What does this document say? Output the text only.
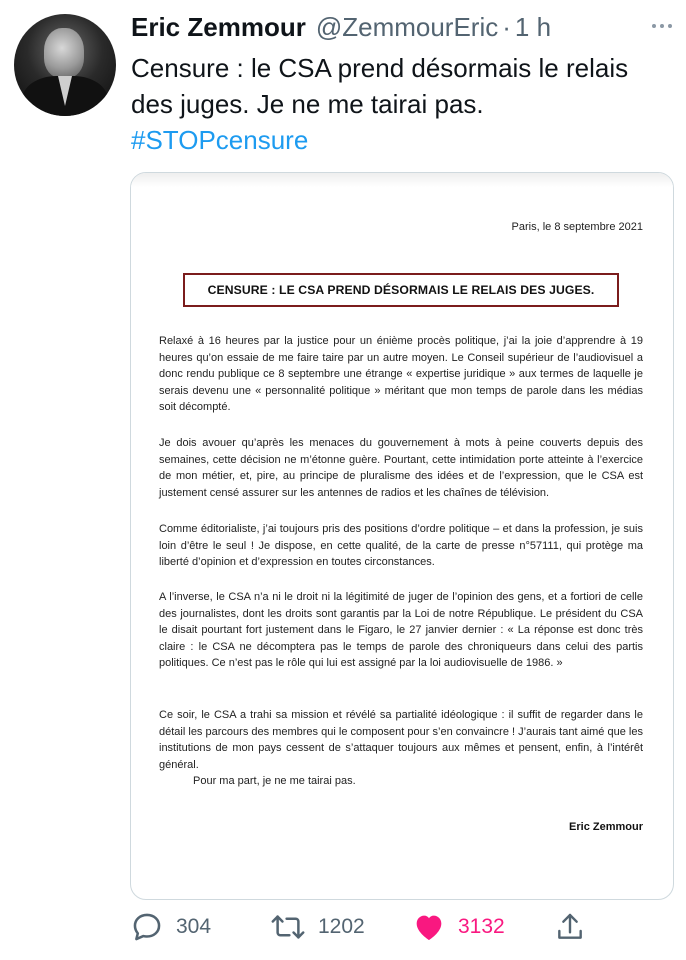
Eric Zemmour @ZemmourEric · 1 h
Censure : le CSA prend désormais le relais des juges. Je ne me tairai pas.
#STOPcensure
Paris, le 8 septembre 2021
CENSURE : LE CSA PREND DÉSORMAIS LE RELAIS DES JUGES.
Relaxé à 16 heures par la justice pour un énième procès politique, j’ai la joie d’apprendre à 19 heures qu’on essaie de me faire taire par un autre moyen. Le Conseil supérieur de l’audiovisuel a donc rendu publique ce 8 septembre une étrange « expertise juridique » aux termes de laquelle je serais devenu une « personnalité politique » méritant que mon temps de parole dans les médias soit décompté.
Je dois avouer qu’après les menaces du gouvernement à mots à peine couverts depuis des semaines, cette décision ne m’étonne guère. Pourtant, cette intimidation porte atteinte à l’exercice de mon métier, et, pire, au principe de pluralisme des idées et de l’expression, que le CSA est justement censé assurer sur les antennes de radios et les chaînes de télévision.
Comme éditorialiste, j’ai toujours pris des positions d’ordre politique – et dans la profession, je suis loin d’être le seul ! Je dispose, en cette qualité, de la carte de presse n°57111, qui protège ma liberté d’opinion et d’expression en toutes circonstances.
A l’inverse, le CSA n’a ni le droit ni la légitimité de juger de l’opinion des gens, et a fortiori de celle des journalistes, dont les droits sont garantis par la Loi de notre République. Le président du CSA le disait pourtant fort justement dans le Figaro, le 27 janvier dernier : « La réponse est donc très claire : le CSA ne décomptera pas le temps de parole des chroniqueurs dans celui des partis politiques. Ce n’est pas le rôle qui lui est assigné par la loi audiovisuelle de 1986. »
Ce soir, le CSA a trahi sa mission et révélé sa partialité idéologique : il suffit de regarder dans le détail les parcours des membres qui le composent pour s’en convaincre ! J’aurais tant aimé que les institutions de mon pays cessent de s’attaquer toujours aux mêmes et pensent, enfin, à l’intérêt général.
Pour ma part, je ne me tairai pas.
Eric Zemmour
304	1202	3132
